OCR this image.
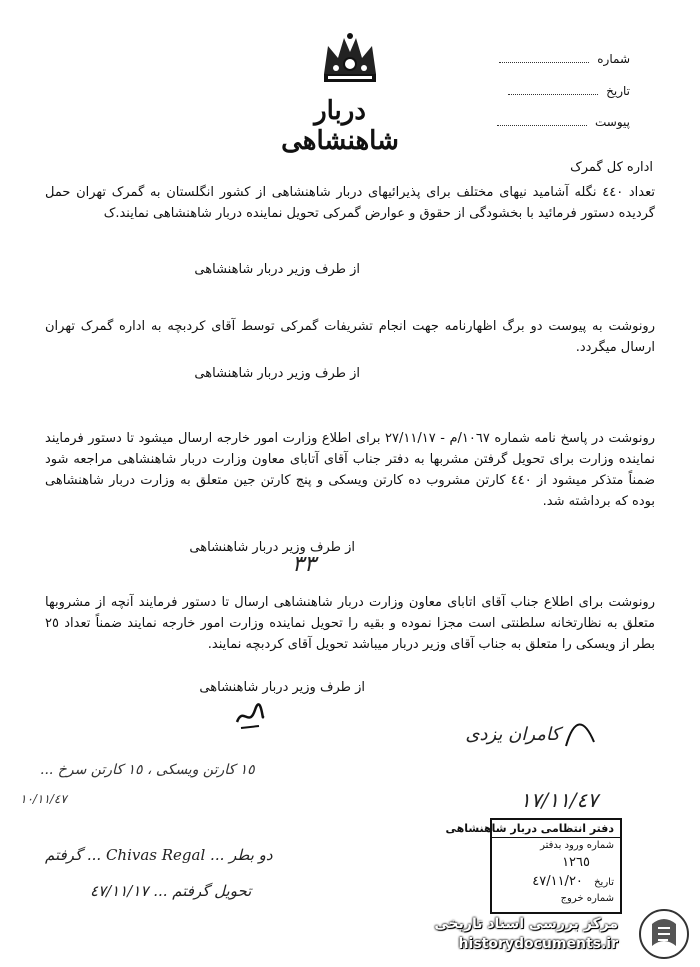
شماره
تاریخ
پیوست
دربار شاهنشاهی
اداره کل گمرک

تعداد ٤٤٠ نگله آشامید نیهای مختلف برای پذیرائیهای دربار شاهنشاهی از کشور انگلستان به گمرک تهران حمل گردیده دستور فرمائید با بخشودگی از حقوق و عوارض گمرکی تحویل نماینده دربار شاهنشاهی نمایند.ک

از طرف وزیر دربار شاهنشاهی

رونوشت به پیوست دو برگ اظهارنامه جهت انجام تشریفات گمرکی توسط آقای کردبچه به اداره گمرک تهران ارسال میگردد.

از طرف وزیر دربار شاهنشاهی

رونوشت در پاسخ نامه شماره ١٠٦٧/م - ٢٧/١١/١٧ برای اطلاع وزارت امور خارجه ارسال میشود تا دستور فرمایند نماینده وزارت برای تحویل گرفتن مشربها به دفتر جناب آقای آتابای معاون وزارت دربار شاهنشاهی مراجعه شود ضمناً متذکر میشود از ٤٤٠ کارتن مشروب ده کارتن ویسکی و پنج کارتن جین متعلق به وزارت دربار شاهنشاهی بوده که برداشته شد.

از طرف وزیر دربار شاهنشاهی
٣٣

رونوشت برای اطلاع جناب آقای اتابای معاون وزارت دربار شاهنشاهی ارسال تا دستور فرمایند آنچه از مشروبها متعلق به نظارتخانه سلطنتی است مجزا نموده و بقیه را تحویل نماینده وزارت امور خارجه نمایند ضمناً تعداد ٢٥ بطر از ویسکی را متعلق به جناب آقای وزیر دربار میباشد تحویل آقای کردبچه نمایند.

از طرف وزیر دربار شاهنشاهی
کامران یزدی
١٧/١١/٤٧
١٥ کارتن ویسکی ، ١٥ کارتن سرخ ...
١٠/١١/٤٧
دو بطر ... Chivas Regal ... گرفتم
تحویل گرفتم ... ٤٧/١١/١٧
دفتر انتظامی دربار شاهنشاهی
شماره ورود بدفتر
١٢٦٥
تاریخ ٤٧/١١/٢٠
شماره خروج
مرکز بررسی اسناد تاریخی
historydocuments.ir
